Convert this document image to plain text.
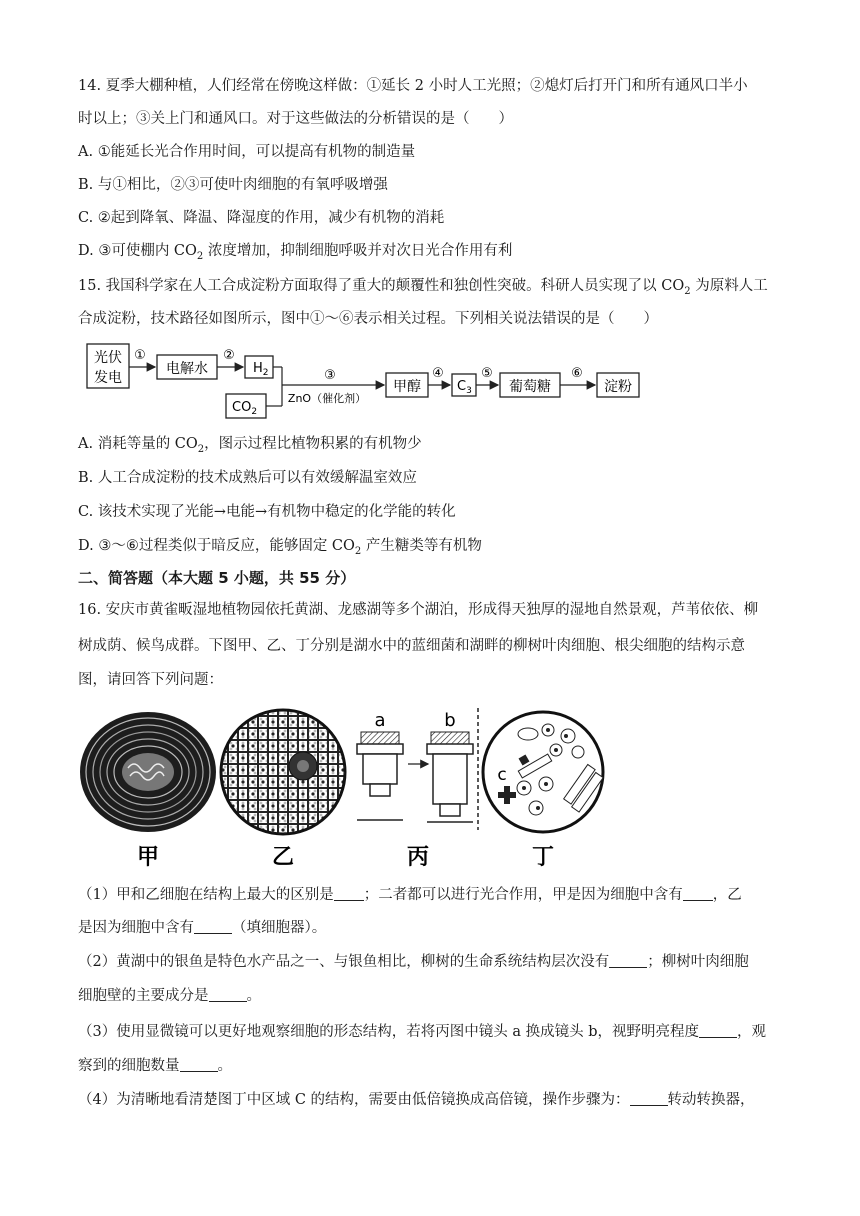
14. 夏季大棚种植，人们经常在傍晚这样做：①延长 2 小时人工光照；②熄灯后打开门和所有通风口半小
时以上；③关上门和通风口。对于这些做法的分析错误的是（　　）
A. ①能延长光合作用时间，可以提高有机物的制造量
B. 与①相比，②③可使叶肉细胞的有氧呼吸增强
C. ②起到降氧、降温、降湿度的作用，减少有机物的消耗
D. ③可使棚内 $CO_2$ 浓度增加，抑制细胞呼吸并对次日光合作用有利
15. 我国科学家在人工合成淀粉方面取得了重大的颠覆性和独创性突破。科研人员实现了以 $CO_2$ 为原料人工
合成淀粉，技术路径如图所示，图中①～⑥表示相关过程。下列相关说法错误的是（　　）
光伏
发电
①
电解水
②
$H_2$
$CO_2$
③
ZnO（催化剂）
甲醇
④
$C_3$
⑤
葡萄糖
⑥
淀粉
A. 消耗等量的 $CO_2$，图示过程比植物积累的有机物少
B. 人工合成淀粉的技术成熟后可以有效缓解温室效应
C. 该技术实现了光能→电能→有机物中稳定的化学能的转化
D. ③～⑥过程类似于暗反应，能够固定 $CO_2$ 产生糖类等有机物
二、简答题（本大题 5 小题，共 55 分）
16. 安庆市黄雀畈湿地植物园依托黄湖、龙感湖等多个湖泊，形成得天独厚的湿地自然景观，芦苇依依、柳
树成荫、候鸟成群。下图甲、乙、丁分别是湖水中的蓝细菌和湖畔的柳树叶肉细胞、根尖细胞的结构示意
图，请回答下列问题：
甲	乙
a	b
丙
c
丁
（1）甲和乙细胞在结构上最大的区别是 ；二者都可以进行光合作用，甲是因为细胞中含有 ，乙
是因为细胞中含有	（填细胞器）。
（2）黄湖中的银鱼是特色水产品之一、与银鱼相比，柳树的生命系统结构层次没有	；柳树叶肉细胞
细胞壁的主要成分是	。
（3）使用显微镜可以更好地观察细胞的形态结构，若将丙图中镜头 a 换成镜头 b，视野明亮程度	，观
察到的细胞数量	。
（4）为清晰地看清楚图丁中区域 C 的结构，需要由低倍镜换成高倍镜，操作步骤为：	转动转换器，
